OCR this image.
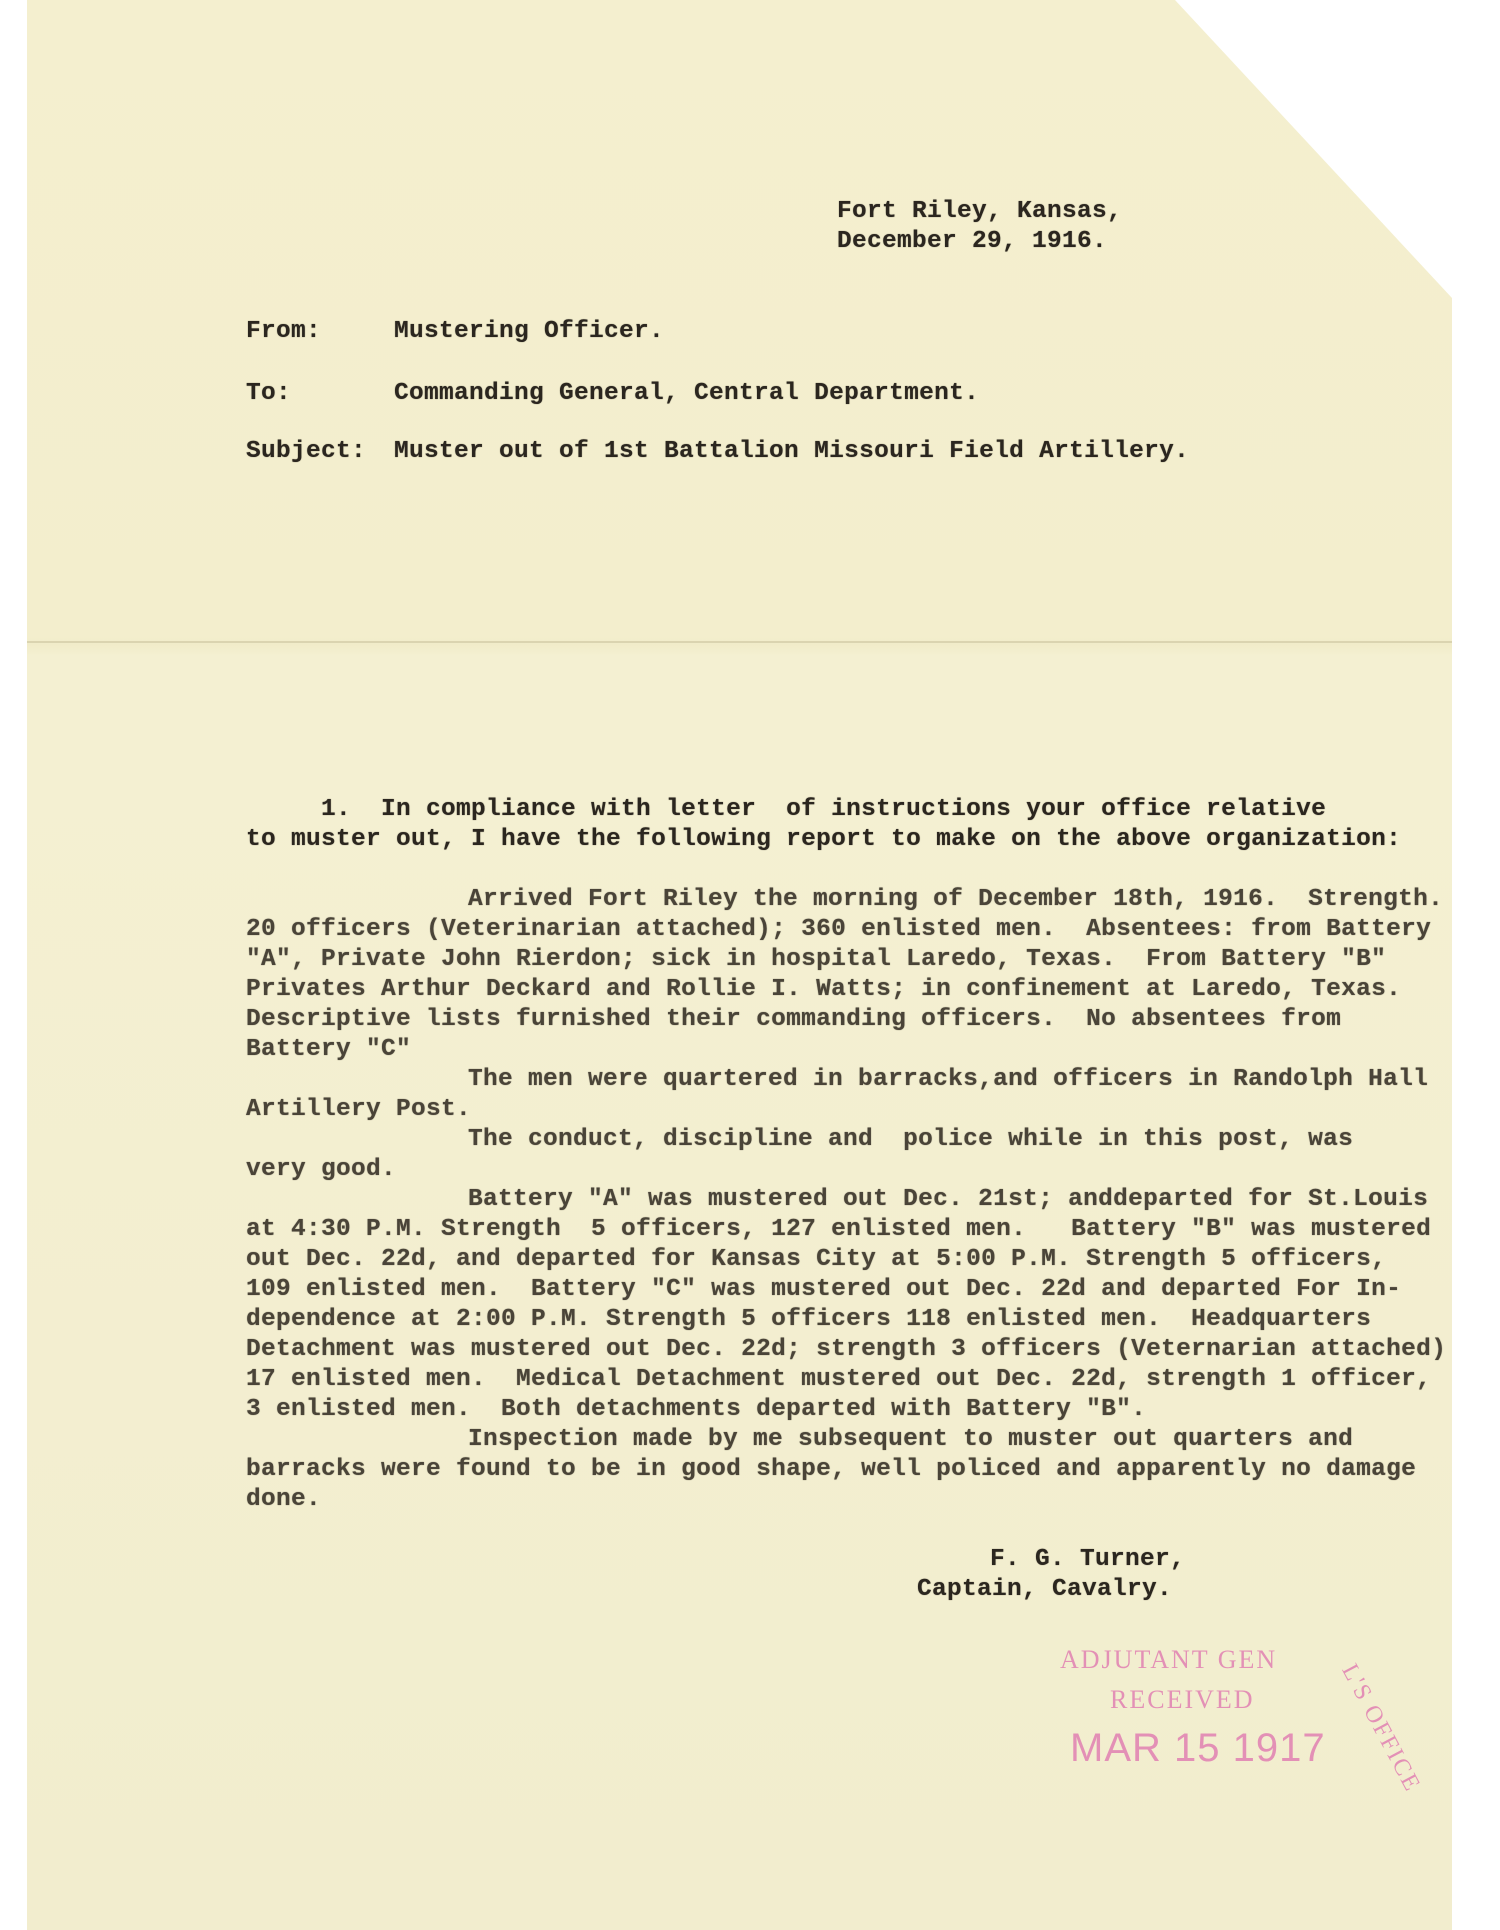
Fort Riley, Kansas,
December 29, 1916.
From:	Mustering Officer.
To:	Commanding General, Central Department.
Subject: Muster out of 1st Battalion Missouri Field Artillery.
1.  In compliance with letter  of instructions your office relative
to muster out, I have the following report to make on the above organization:
Arrived Fort Riley the morning of December 18th, 1916.  Strength.
20 officers (Veterinarian attached); 360 enlisted men.  Absentees: from Battery
"A", Private John Rierdon; sick in hospital Laredo, Texas.  From Battery "B"
Privates Arthur Deckard and Rollie I. Watts; in confinement at Laredo, Texas.
Descriptive lists furnished their commanding officers.  No absentees from
Battery "C"
The men were quartered in barracks,and officers in Randolph Hall
Artillery Post.
The conduct, discipline and  police while in this post, was
very good.
Battery "A" was mustered out Dec. 21st; anddeparted for St.Louis
at 4:30 P.M. Strength  5 officers, 127 enlisted men.   Battery "B" was mustered
out Dec. 22d, and departed for Kansas City at 5:00 P.M. Strength 5 officers,
109 enlisted men.  Battery "C" was mustered out Dec. 22d and departed For In-
dependence at 2:00 P.M. Strength 5 officers 118 enlisted men.  Headquarters
Detachment was mustered out Dec. 22d; strength 3 officers (Veternarian attached)
17 enlisted men.  Medical Detachment mustered out Dec. 22d, strength 1 officer,
3 enlisted men.  Both detachments departed with Battery "B".
Inspection made by me subsequent to muster out quarters and
barracks were found to be in good shape, well policed and apparently no damage
done.
F. G. Turner,
Captain, Cavalry.
ADJUTANT GEN
L'S OFFICE
RECEIVED
MAR 15 1917
